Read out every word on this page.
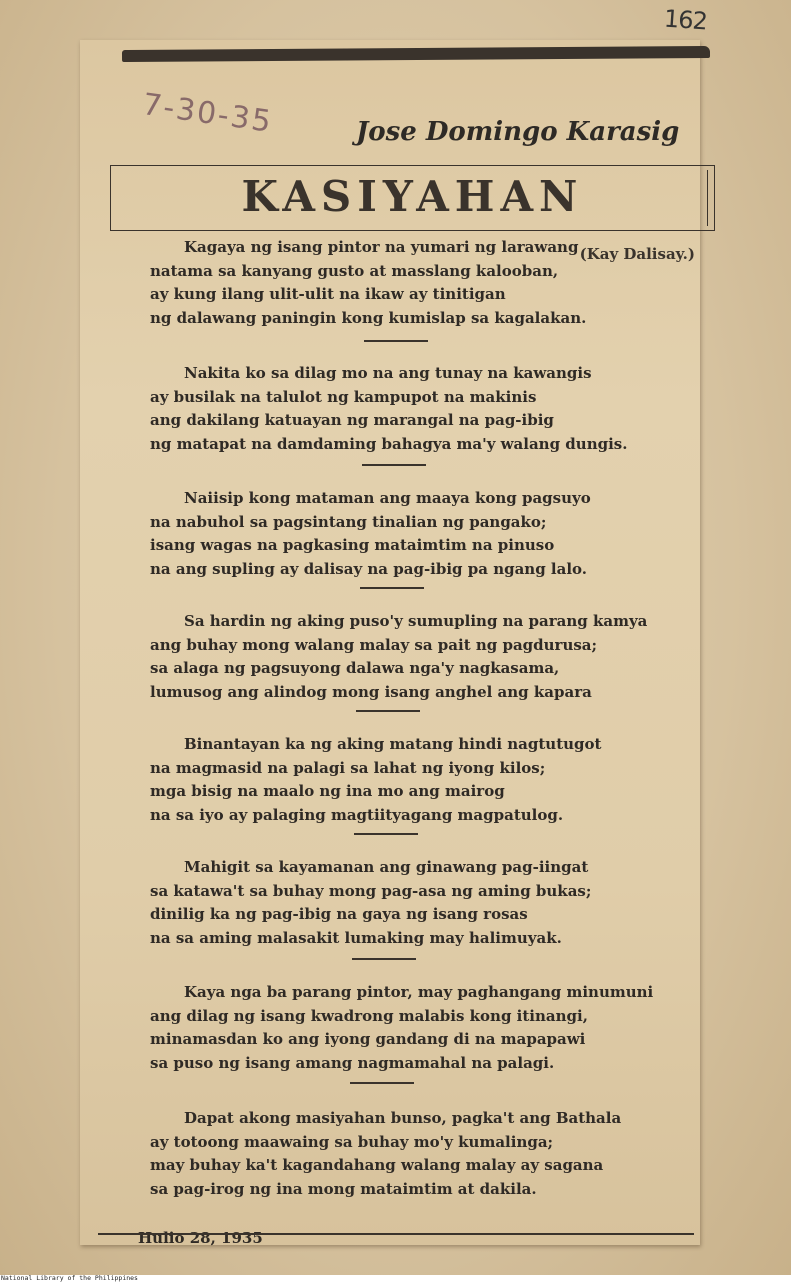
162
7-30-35	Jose Domingo Karasig
KASIYAHAN
(Kay Dalisay.)
Kagaya ng isang pintor na yumari ng larawang
natama sa kanyang gusto at masslang kalooban,
ay kung ilang ulit-ulit na ikaw ay tinitigan
ng dalawang paningin kong kumislap sa kagalakan.
Nakita ko sa dilag mo na ang tunay na kawangis
ay busilak na talulot ng kampupot na makinis
ang dakilang katuayan ng marangal na pag-ibig
ng matapat na damdaming bahagya ma'y walang dungis.
Naiisip kong mataman ang maaya kong pagsuyo
na nabuhol sa pagsintang tinalian ng pangako;
isang wagas na pagkasing mataimtim na pinuso
na ang supling ay dalisay na pag-ibig pa ngang lalo.
Sa hardin ng aking puso'y sumupling na parang kamya
ang buhay mong walang malay sa pait ng pagdurusa;
sa alaga ng pagsuyong dalawa nga'y nagkasama,
lumusog ang alindog mong isang anghel ang kapara
Binantayan ka ng aking matang hindi nagtutugot
na magmasid na palagi sa lahat ng iyong kilos;
mga bisig na maalo ng ina mo ang mairog
na sa iyo ay palaging magtiityagang magpatulog.
Mahigit sa kayamanan ang ginawang pag-iingat
sa katawa't sa buhay mong pag-asa ng aming bukas;
dinilig ka ng pag-ibig na gaya ng isang rosas
na sa aming malasakit lumaking may halimuyak.
Kaya nga ba parang pintor, may paghangang minumuni
ang dilag ng isang kwadrong malabis kong itinangi,
minamasdan ko ang iyong gandang di na mapapawi
sa puso ng isang amang nagmamahal na palagi.
Dapat akong masiyahan bunso, pagka't ang Bathala
ay totoong maawaing sa buhay mo'y kumalinga;
may buhay ka't kagandahang walang malay ay sagana
sa pag-irog ng ina mong mataimtim at dakila.
Hulio 28, 1935
National Library of the Philippines
